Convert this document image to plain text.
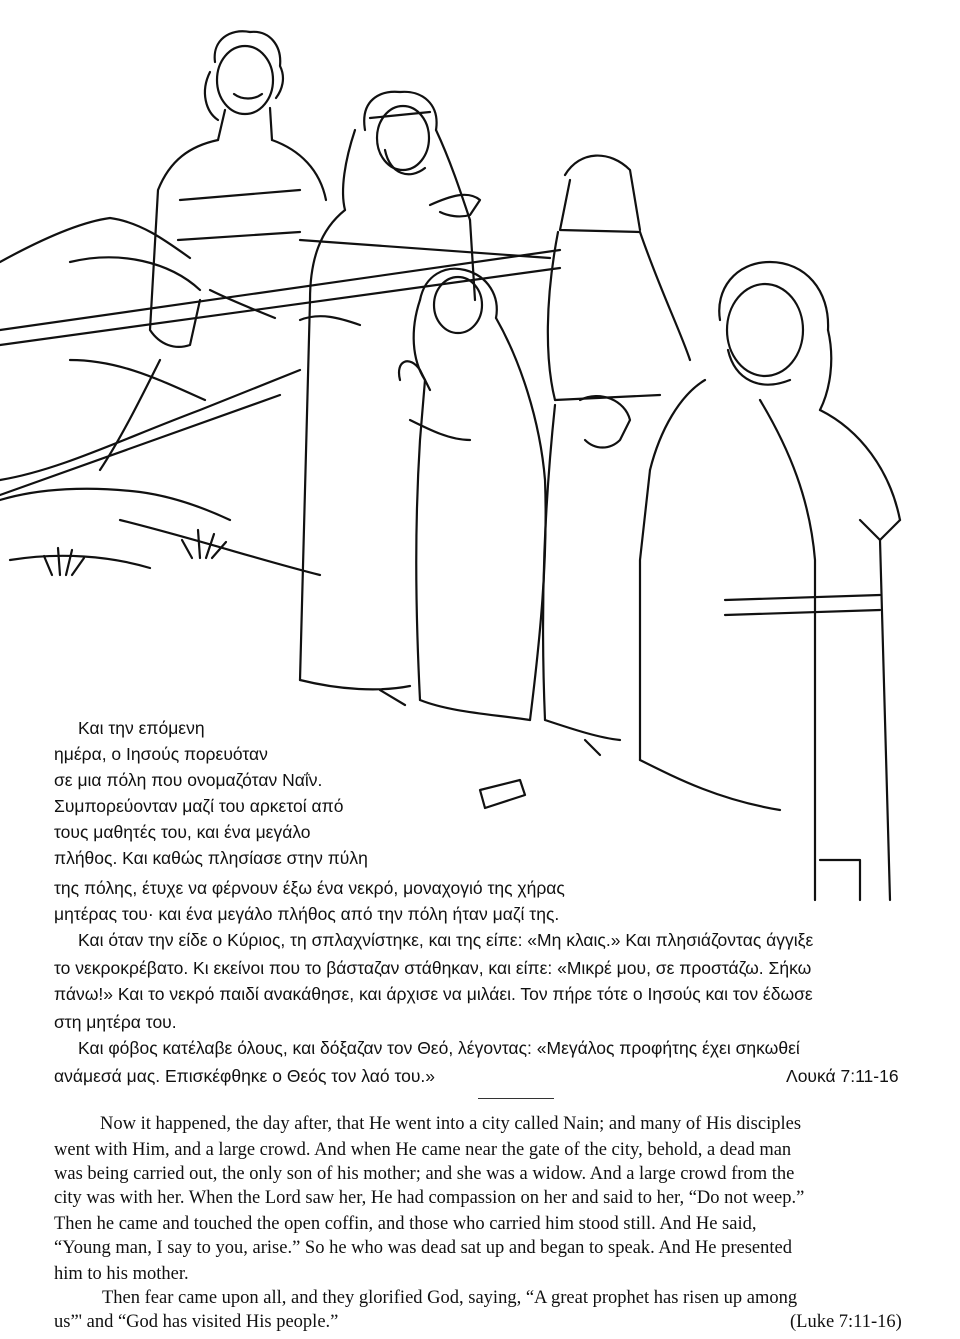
Και την επόμενη
ημέρα, ο Ιησούς πορευόταν
σε μια πόλη που ονομαζόταν Ναΐν.
Συμπορεύονταν μαζί του αρκετοί από
τους μαθητές του, και ένα μεγάλο
πλήθος. Και καθώς πλησίασε στην πύλη
της πόλης, έτυχε να φέρνουν έξω ένα νεκρό, μοναχογιό της χήρας
μητέρας του· και ένα μεγάλο πλήθος από την πόλη ήταν μαζί της.
Και όταν την είδε ο Κύριος, τη σπλαχνίστηκε, και της είπε: «Μη κλαις.» Και πλησιάζοντας άγγιξε
το νεκροκρέβατο. Κι εκείνοι που το βάσταζαν στάθηκαν, και είπε: «Μικρέ μου, σε προστάζω. Σήκω
πάνω!» Και το νεκρό παιδί ανακάθησε, και άρχισε να μιλάει. Τον πήρε τότε ο Ιησούς και τον έδωσε
στη μητέρα του.
Και φόβος κατέλαβε όλους, και δόξαζαν τον Θεό, λέγοντας: «Μεγάλος προφήτης έχει σηκωθεί
ανάμεσά μας. Επισκέφθηκε ο Θεός τον λαό του.»	Λουκά 7:11-16
Now it happened, the day after, that He went into a city called Nain; and many of His disciples
went with Him, and a large crowd. And when He came near the gate of the city, behold, a dead man
was being carried out, the only son of his mother; and she was a widow. And a large crowd from the
city was with her. When the Lord saw her, He had compassion on her and said to her, “Do not weep.”
Then he came and touched the open coffin, and those who carried him stood still. And He said,
“Young man, I say to you, arise.” So he who was dead sat up and began to speak. And He presented
him to his mother.
Then fear came upon all, and they glorified God, saying, “A great prophet has risen up among
us”' and “God has visited His people.”	(Luke 7:11-16)
